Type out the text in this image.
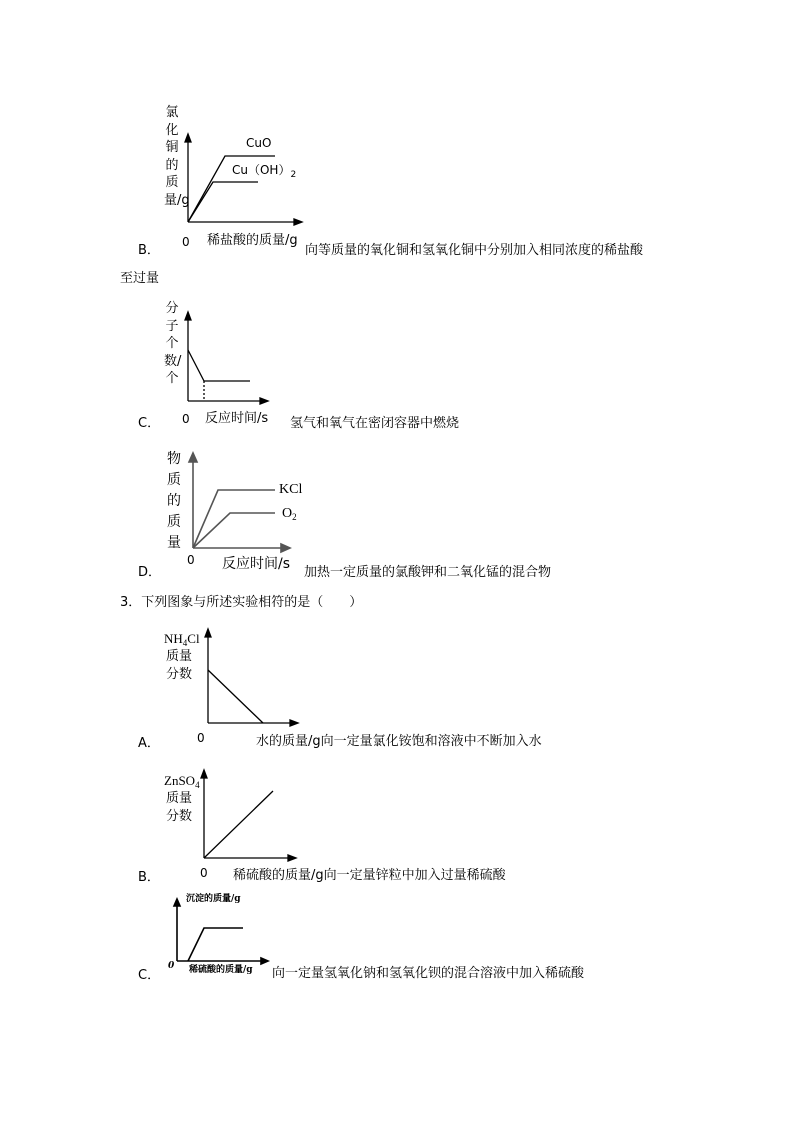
氯化铜的质量/g
CuO
$Cu(OH)_2$
0 稀盐酸的质量/g
B．	向等质量的氧化铜和氢氧化铜中分别加入相同浓度的稀盐酸
至过量
分子个数/个
0 反应时间/s
C．	氢气和氧气在密闭容器中燃烧
物质的质量
KCl
$O_2$
0 反应时间/s
D．	加热一定质量的氯酸钾和二氧化锰的混合物
3．下列图象与所述实验相符的是（　　）
$NH_4Cl$
质量
分数
0
A．	水的质量/g向一定量氯化铵饱和溶液中不断加入水
ZnSO$_4$
质量
分数
0
B．	稀硫酸的质量/g向一定量锌粒中加入过量稀硫酸
沉淀的质量/g
0 稀硫酸的质量/g
C．	向一定量氢氧化钠和氢氧化钡的混合溶液中加入稀硫酸
